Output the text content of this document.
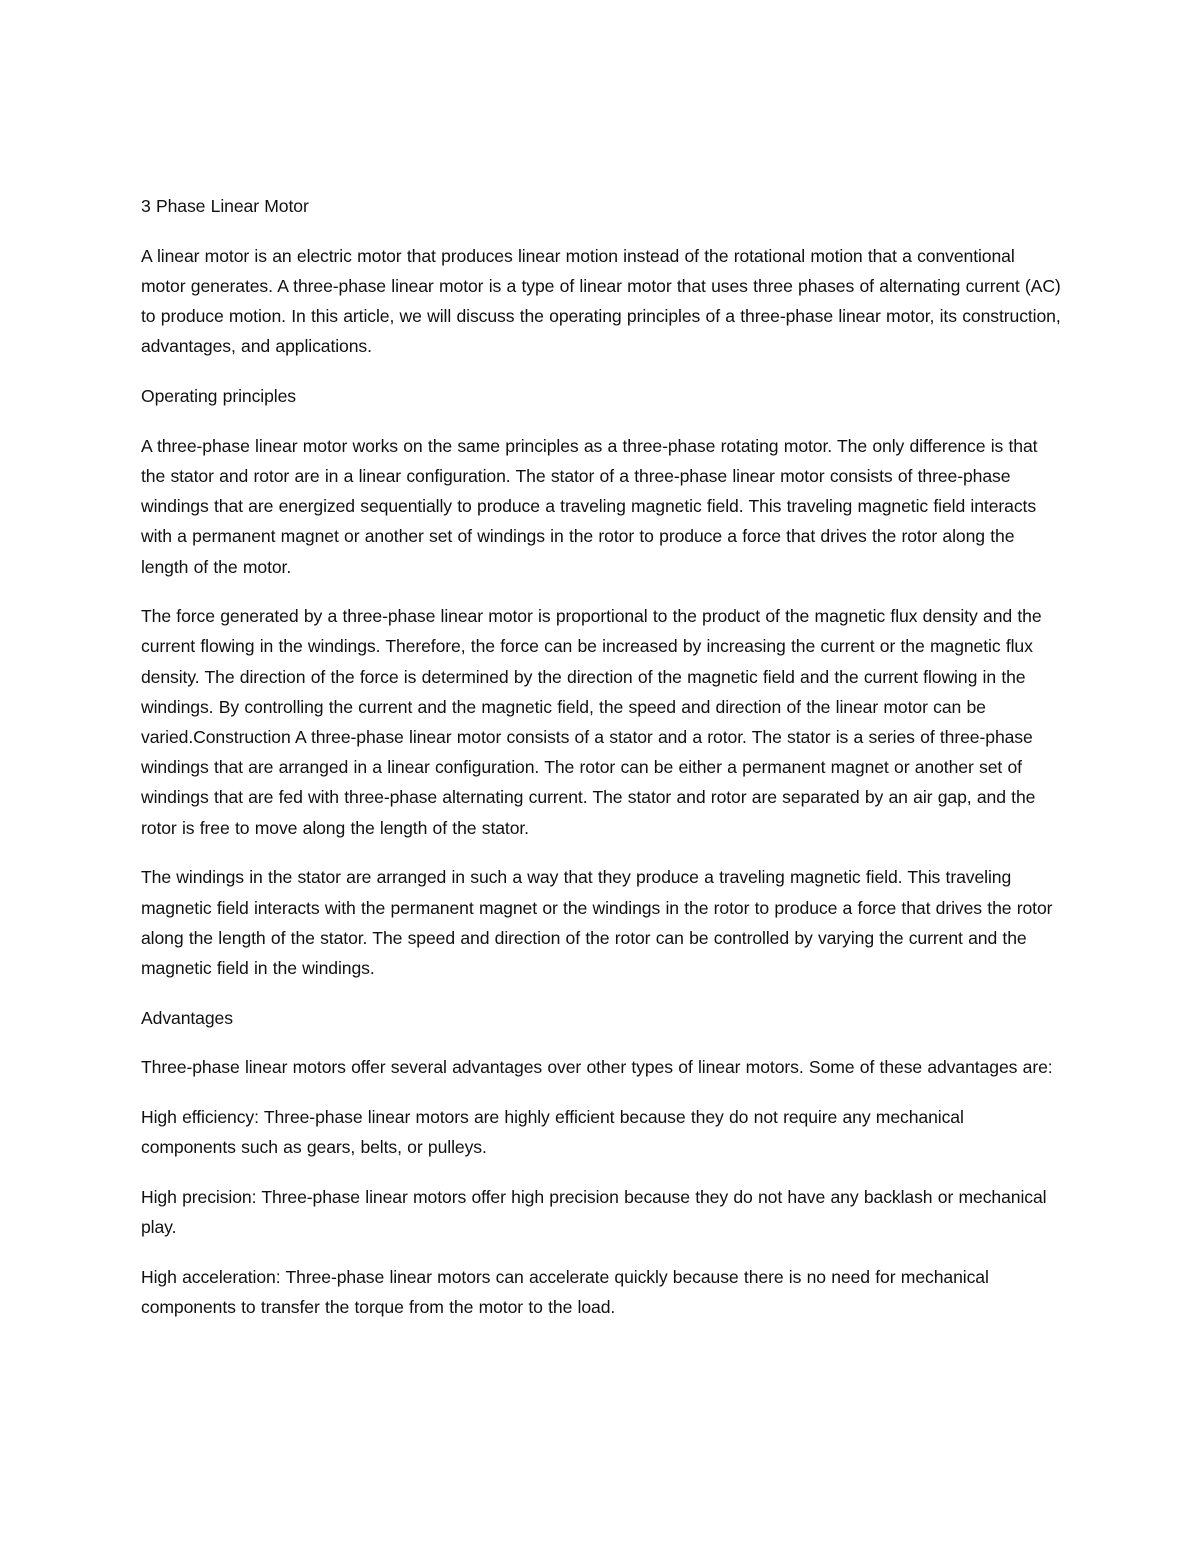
3 Phase Linear Motor

A linear motor is an electric motor that produces linear motion instead of the rotational motion that a conventional motor generates. A three-phase linear motor is a type of linear motor that uses three phases of alternating current (AC) to produce motion. In this article, we will discuss the operating principles of a three-phase linear motor, its construction, advantages, and applications.

Operating principles

A three-phase linear motor works on the same principles as a three-phase rotating motor. The only difference is that the stator and rotor are in a linear configuration. The stator of a three-phase linear motor consists of three-phase windings that are energized sequentially to produce a traveling magnetic field. This traveling magnetic field interacts with a permanent magnet or another set of windings in the rotor to produce a force that drives the rotor along the length of the motor.

The force generated by a three-phase linear motor is proportional to the product of the magnetic flux density and the current flowing in the windings. Therefore, the force can be increased by increasing the current or the magnetic flux density. The direction of the force is determined by the direction of the magnetic field and the current flowing in the windings. By controlling the current and the magnetic field, the speed and direction of the linear motor can be varied.Construction A three-phase linear motor consists of a stator and a rotor. The stator is a series of three-phase windings that are arranged in a linear configuration. The rotor can be either a permanent magnet or another set of windings that are fed with three-phase alternating current. The stator and rotor are separated by an air gap, and the rotor is free to move along the length of the stator.

The windings in the stator are arranged in such a way that they produce a traveling magnetic field. This traveling magnetic field interacts with the permanent magnet or the windings in the rotor to produce a force that drives the rotor along the length of the stator. The speed and direction of the rotor can be controlled by varying the current and the magnetic field in the windings.

Advantages

Three-phase linear motors offer several advantages over other types of linear motors. Some of these advantages are:

High efficiency: Three-phase linear motors are highly efficient because they do not require any mechanical components such as gears, belts, or pulleys.

High precision: Three-phase linear motors offer high precision because they do not have any backlash or mechanical play.

High acceleration: Three-phase linear motors can accelerate quickly because there is no need for mechanical components to transfer the torque from the motor to the load.
